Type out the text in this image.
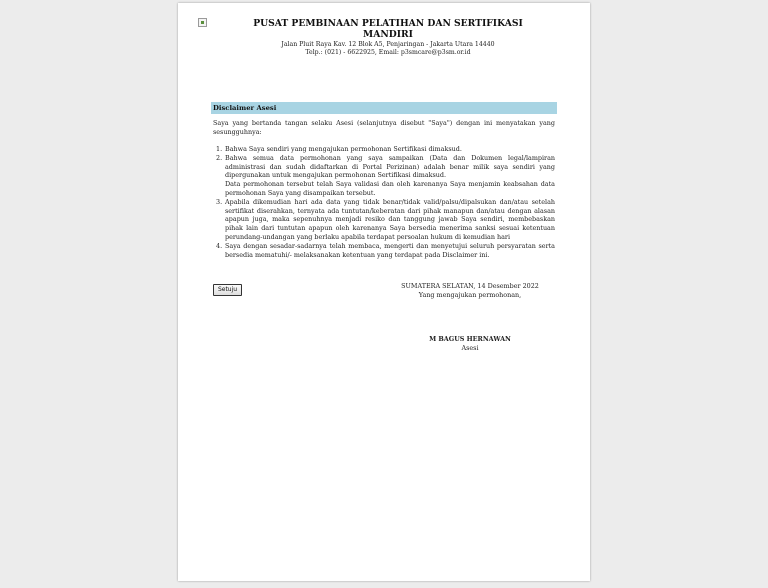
PUSAT PEMBINAAN PELATIHAN DAN SERTIFIKASI
MANDIRI
Jalan Pluit Raya Kav. 12 Blok A5, Penjaringan - Jakarta Utara 14440
Telp.: (021) - 6622925, Email: p3smcare@p3sm.or.id
Disclaimer Asesi
Saya yang bertanda tangan selaku Asesi (selanjutnya disebut "Saya") dengan ini menyatakan yang sesungguhnya:
1. Bahwa Saya sendiri yang mengajukan permohonan Sertifikasi dimaksud.
2. Bahwa semua data permohonan yang saya sampaikan (Data dan Dokumen legal/lampiran administrasi dan sudah didaftarkan di Portal Perizinan) adalah benar milik saya sendiri yang dipergunakan untuk mengajukan permohonan Sertifikasi dimaksud.
Data permohonan tersebut telah Saya validasi dan oleh karenanya Saya menjamin keabsahan data permohonan Saya yang disampaikan tersebut.
3. Apabila dikemudian hari ada data yang tidak benar/tidak valid/palsu/dipalsukan dan/atau setelah sertifikat diserahkan, ternyata ada tuntutan/keberatan dari pihak manapun dan/atau dengan alasan apapun juga, maka sepenuhnya menjadi resiko dan tanggung jawab Saya sendiri, membebaskan pihak lain dari tuntutan apapun oleh karenanya Saya bersedia menerima sanksi sesuai ketentuan perundang-undangan yang berlaku apabila terdapat persoalan hukum di kemudian hari
4. Saya dengan sesadar-sadarnya telah membaca, mengerti dan menyetujui seluruh persyaratan serta bersedia mematuhi/- melaksanakan ketentuan yang terdapat pada Disclaimer ini.
Setuju	SUMATERA SELATAN, 14 Desember 2022
Yang mengajukan permohonan,
M BAGUS HERNAWAN
Asesi
